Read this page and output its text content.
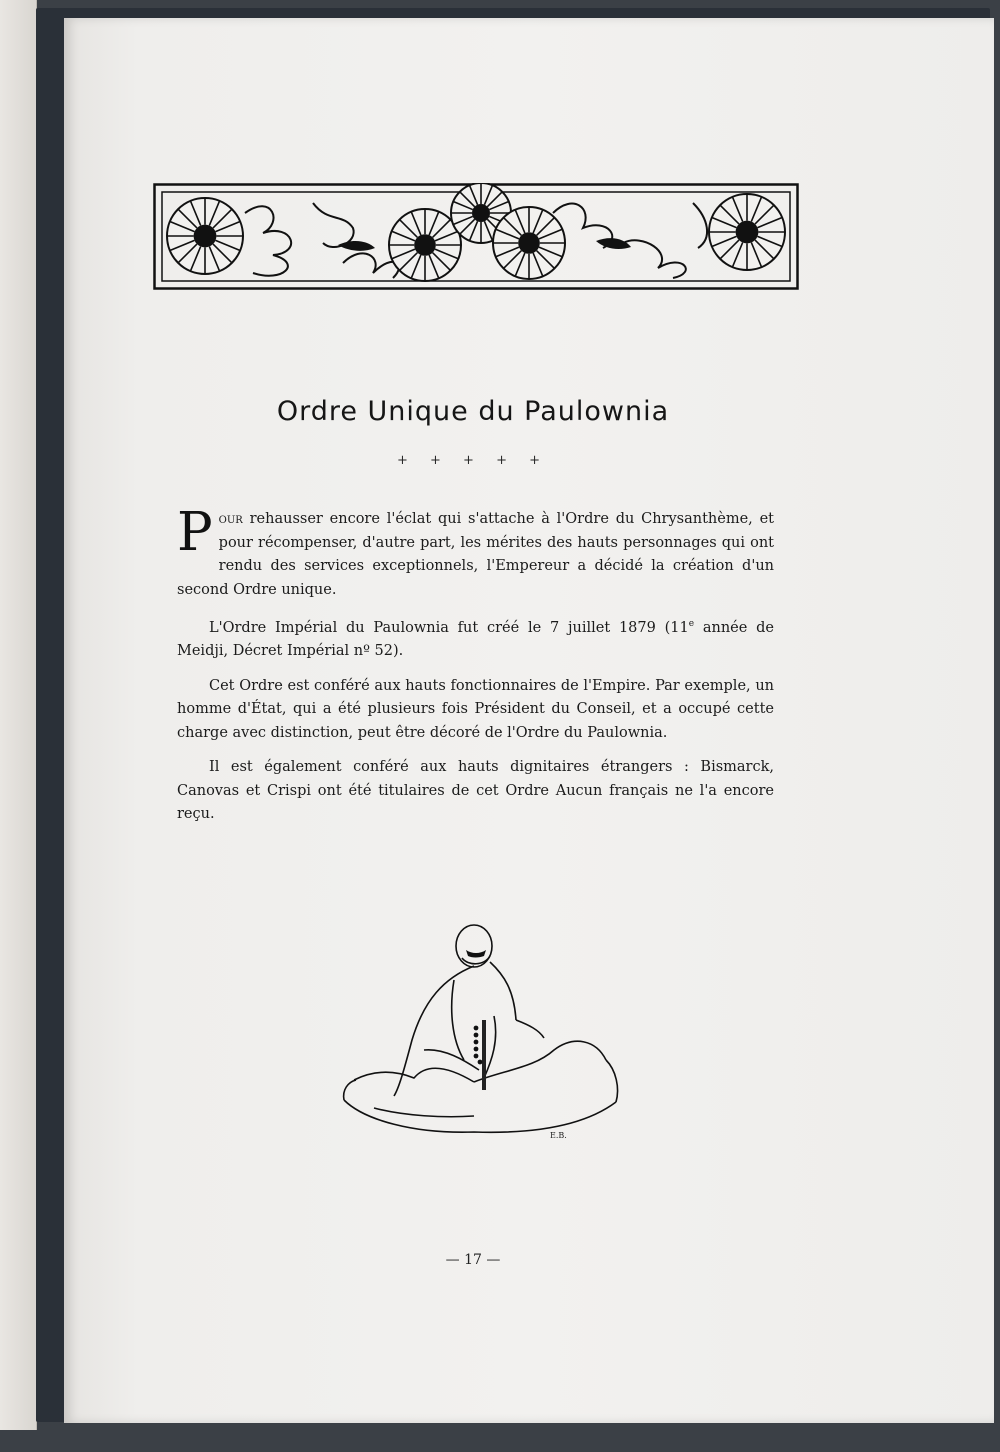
Ordre Unique du Paulownia
+ + + + +

Pour rehausser encore l'éclat qui s'attache à l'Ordre du Chrysanthème, et pour récompenser, d'autre part, les mérites des hauts personnages qui ont rendu des services exceptionnels, l'Empereur a décidé la création d'un second Ordre unique.

L'Ordre Impérial du Paulownia fut créé le 7 juillet 1879 (11e année de Meidji, Décret Impérial nº 52).

Cet Ordre est conféré aux hauts fonctionnaires de l'Empire. Par exemple, un homme d'État, qui a été plusieurs fois Président du Conseil, et a occupé cette charge avec distinction, peut être décoré de l'Ordre du Paulownia.

Il est également conféré aux hauts dignitaires étrangers : Bismarck, Canovas et Crispi ont été titulaires de cet Ordre Aucun français ne l'a encore reçu.

E.B.
— 17 —
